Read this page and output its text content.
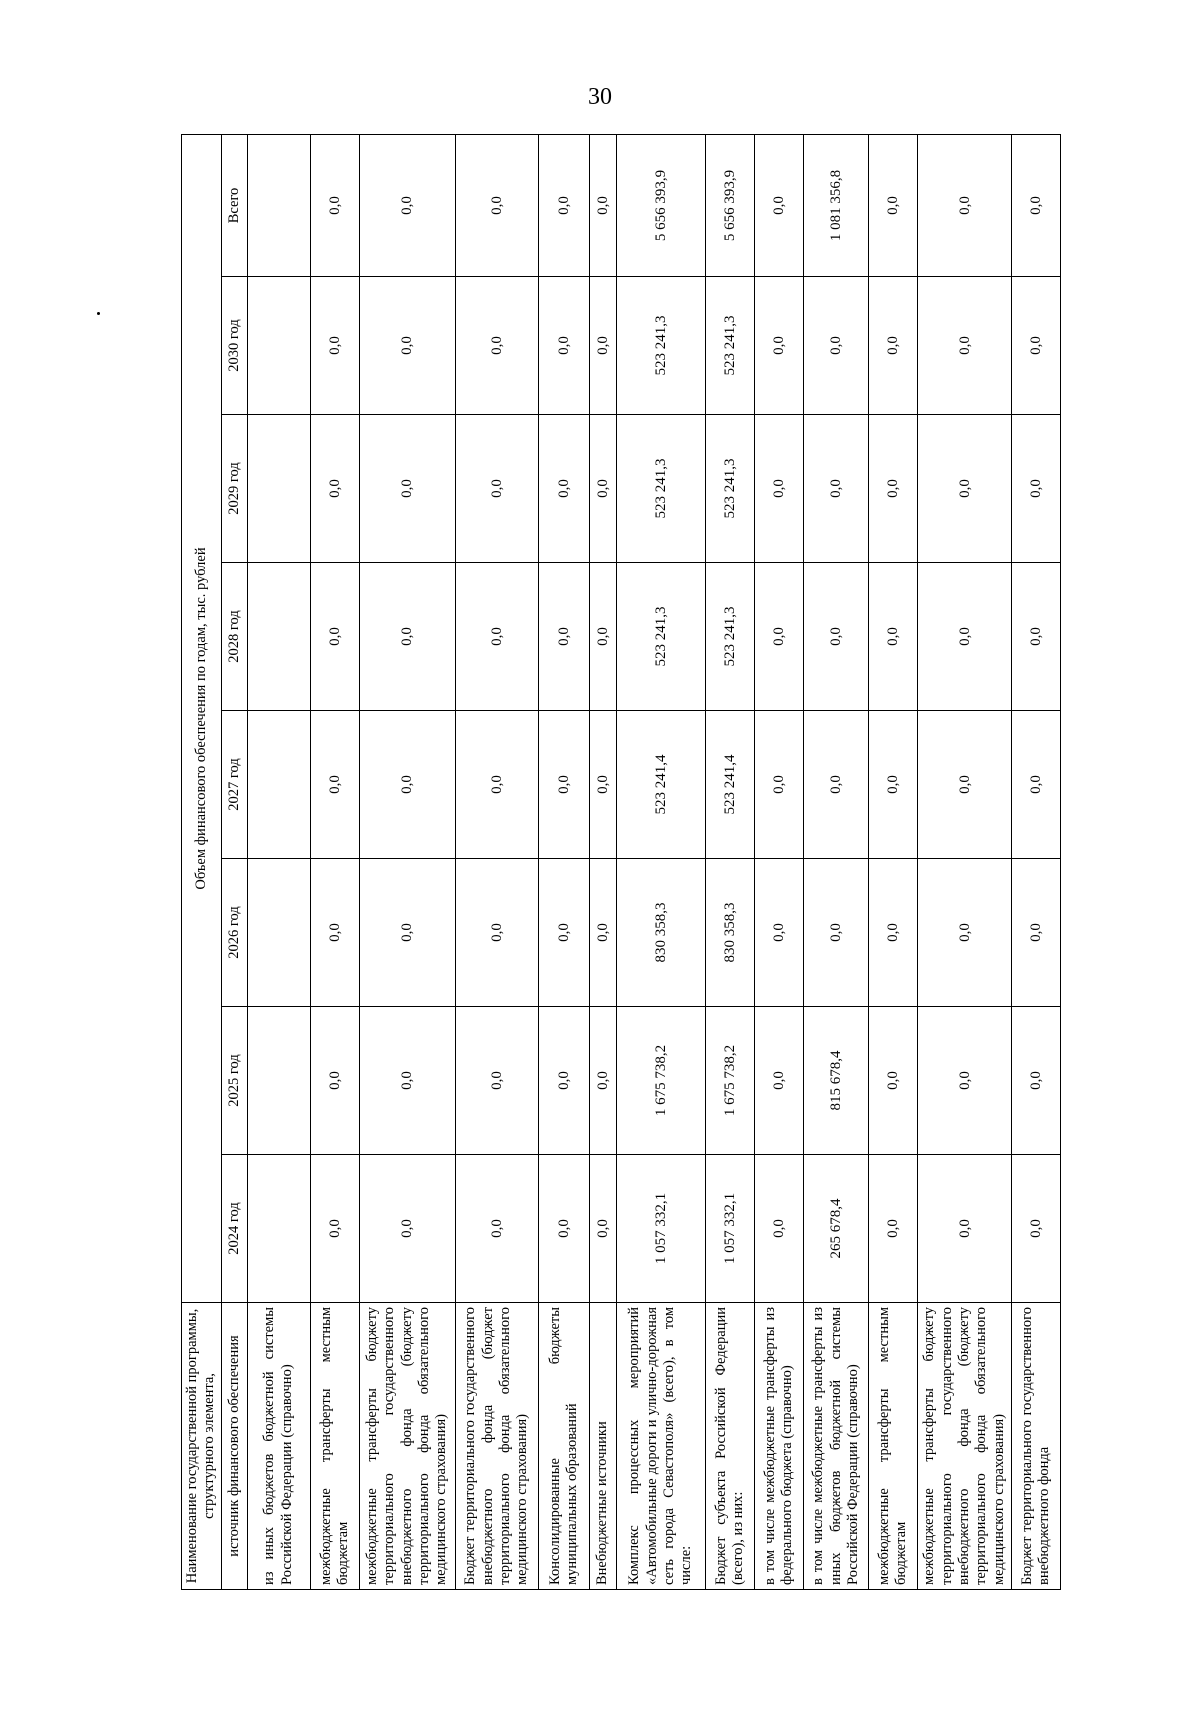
30
Наименование государственной программы, структурного элемента,	Объем финансового обеспечения по годам, тыс. рублей							
источник финансового обеспечения	2024 год	2025 год	2026 год	2027 год	2028 год	2029 год	2030 год	Всего
из иных бюджетов бюджетной системы Российской Федерации (справочно)								
межбюджетные трансферты местным бюджетам	0,0	0,0	0,0	0,0	0,0	0,0	0,0	0,0
межбюджетные трансферты бюджету территориального государственного внебюджетного фонда (бюджету территориального фонда обязательного медицинского страхования)	0,0	0,0	0,0	0,0	0,0	0,0	0,0	0,0
Бюджет территориального государственного внебюджетного фонда (бюджет территориального фонда обязательного медицинского страхования)	0,0	0,0	0,0	0,0	0,0	0,0	0,0	0,0
Консолидированные бюджеты муниципальных образований	0,0	0,0	0,0	0,0	0,0	0,0	0,0	0,0
Внебюджетные источники	0,0	0,0	0,0	0,0	0,0	0,0	0,0	0,0
Комплекс процессных мероприятий «Автомобильные дороги и улично-дорожная сеть города Севастополя» (всего), в том числе:	1 057 332,1	1 675 738,2	830 358,3	523 241,4	523 241,3	523 241,3	523 241,3	5 656 393,9
Бюджет субъекта Российской Федерации (всего), из них:	1 057 332,1	1 675 738,2	830 358,3	523 241,4	523 241,3	523 241,3	523 241,3	5 656 393,9
в том числе межбюджетные трансферты из федерального бюджета (справочно)	0,0	0,0	0,0	0,0	0,0	0,0	0,0	0,0
в том числе межбюджетные трансферты из иных бюджетов бюджетной системы Российской Федерации (справочно)	265 678,4	815 678,4	0,0	0,0	0,0	0,0	0,0	1 081 356,8
межбюджетные трансферты местным бюджетам	0,0	0,0	0,0	0,0	0,0	0,0	0,0	0,0
межбюджетные трансферты бюджету территориального государственного внебюджетного фонда (бюджету территориального фонда обязательного медицинского страхования)	0,0	0,0	0,0	0,0	0,0	0,0	0,0	0,0
Бюджет территориального государственного внебюджетного фонда	0,0	0,0	0,0	0,0	0,0	0,0	0,0	0,0
